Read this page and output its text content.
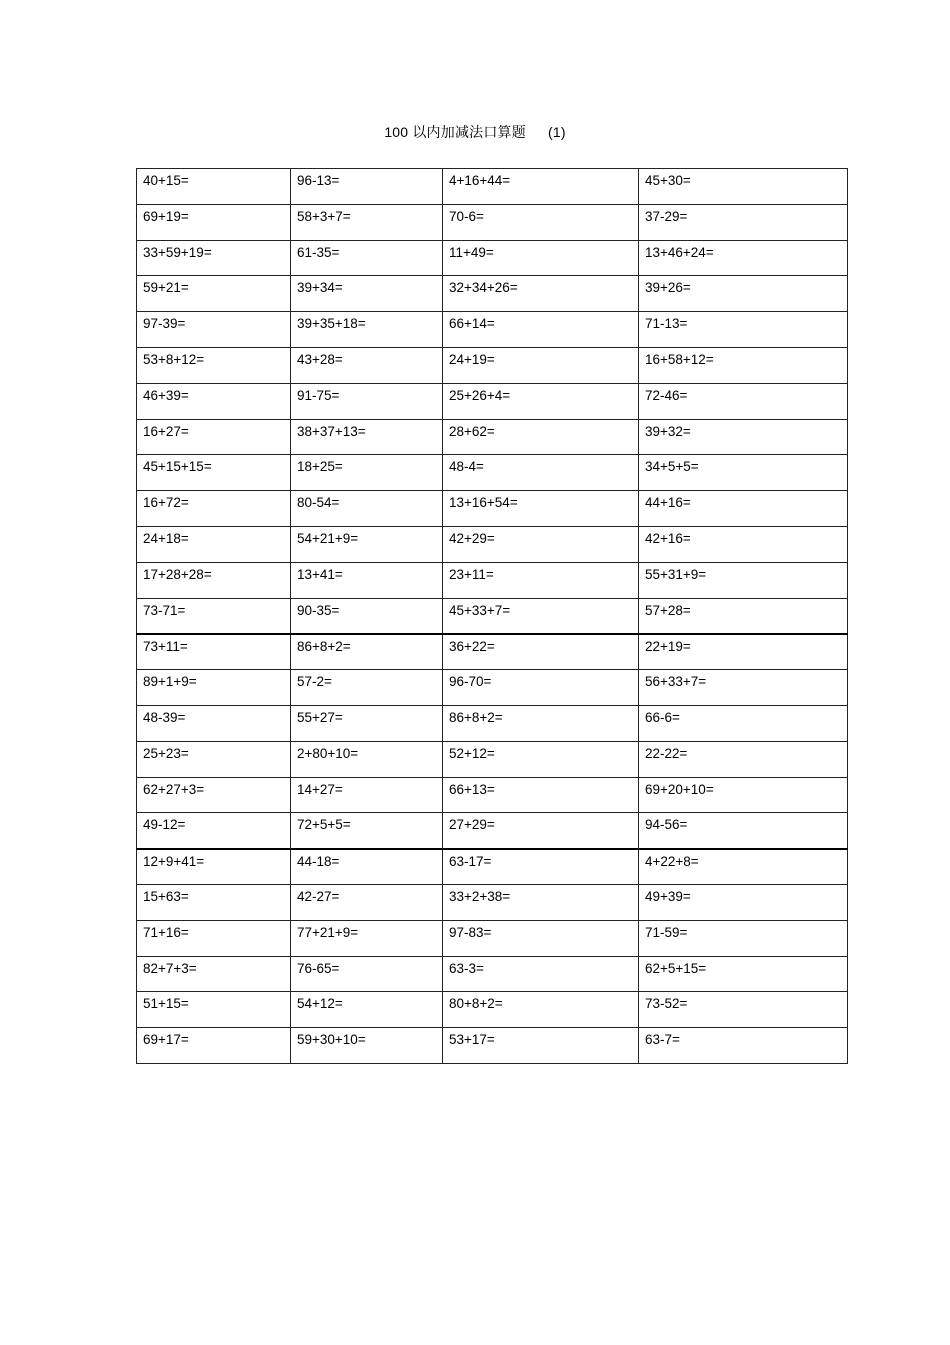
100 以内加减法口算题 (1)
40+15=	96-13=	4+16+44=	45+30=
69+19=	58+3+7=	70-6=	37-29=
33+59+19=	61-35=	11+49=	13+46+24=
59+21=	39+34=	32+34+26=	39+26=
97-39=	39+35+18=	66+14=	71-13=
53+8+12=	43+28=	24+19=	16+58+12=
46+39=	91-75=	25+26+4=	72-46=
16+27=	38+37+13=	28+62=	39+32=
45+15+15=	18+25=	48-4=	34+5+5=
16+72=	80-54=	13+16+54=	44+16=
24+18=	54+21+9=	42+29=	42+16=
17+28+28=	13+41=	23+11=	55+31+9=
73-71=	90-35=	45+33+7=	57+28=
73+11=	86+8+2=	36+22=	22+19=
89+1+9=	57-2=	96-70=	56+33+7=
48-39=	55+27=	86+8+2=	66-6=
25+23=	2+80+10=	52+12=	22-22=
62+27+3=	14+27=	66+13=	69+20+10=
49-12=	72+5+5=	27+29=	94-56=
12+9+41=	44-18=	63-17=	4+22+8=
15+63=	42-27=	33+2+38=	49+39=
71+16=	77+21+9=	97-83=	71-59=
82+7+3=	76-65=	63-3=	62+5+15=
51+15=	54+12=	80+8+2=	73-52=
69+17=	59+30+10=	53+17=	63-7=
